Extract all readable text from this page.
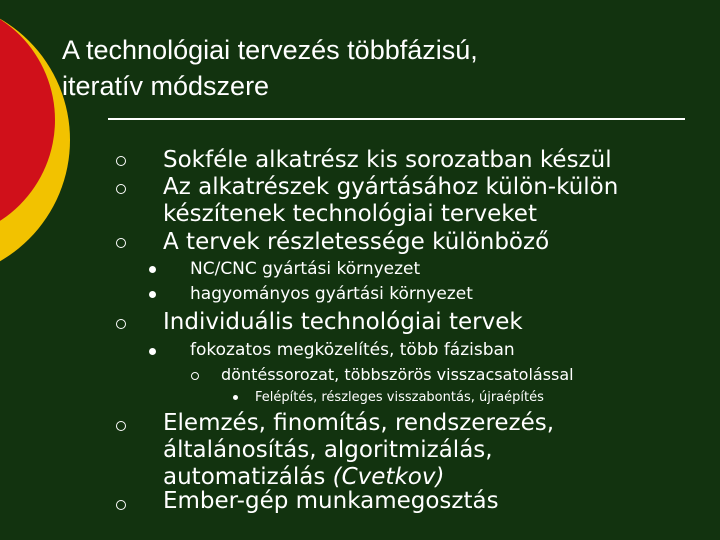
A technológiai tervezés többfázisú,
iteratív módszere
Sokféle alkatrész kis sorozatban készül
Az alkatrészek gyártásához külön-külön
készítenek technológiai terveket
A tervek részletessége különböző
NC/CNC gyártási környezet
hagyományos gyártási környezet
Individuális technológiai tervek
fokozatos megközelítés, több fázisban
döntéssorozat, többszörös visszacsatolással
Felépítés, részleges visszabontás, újraépítés
Elemzés, finomítás, rendszerezés,
általánosítás, algoritmizálás,
automatizálás (Cvetkov)
Ember-gép munkamegosztás
